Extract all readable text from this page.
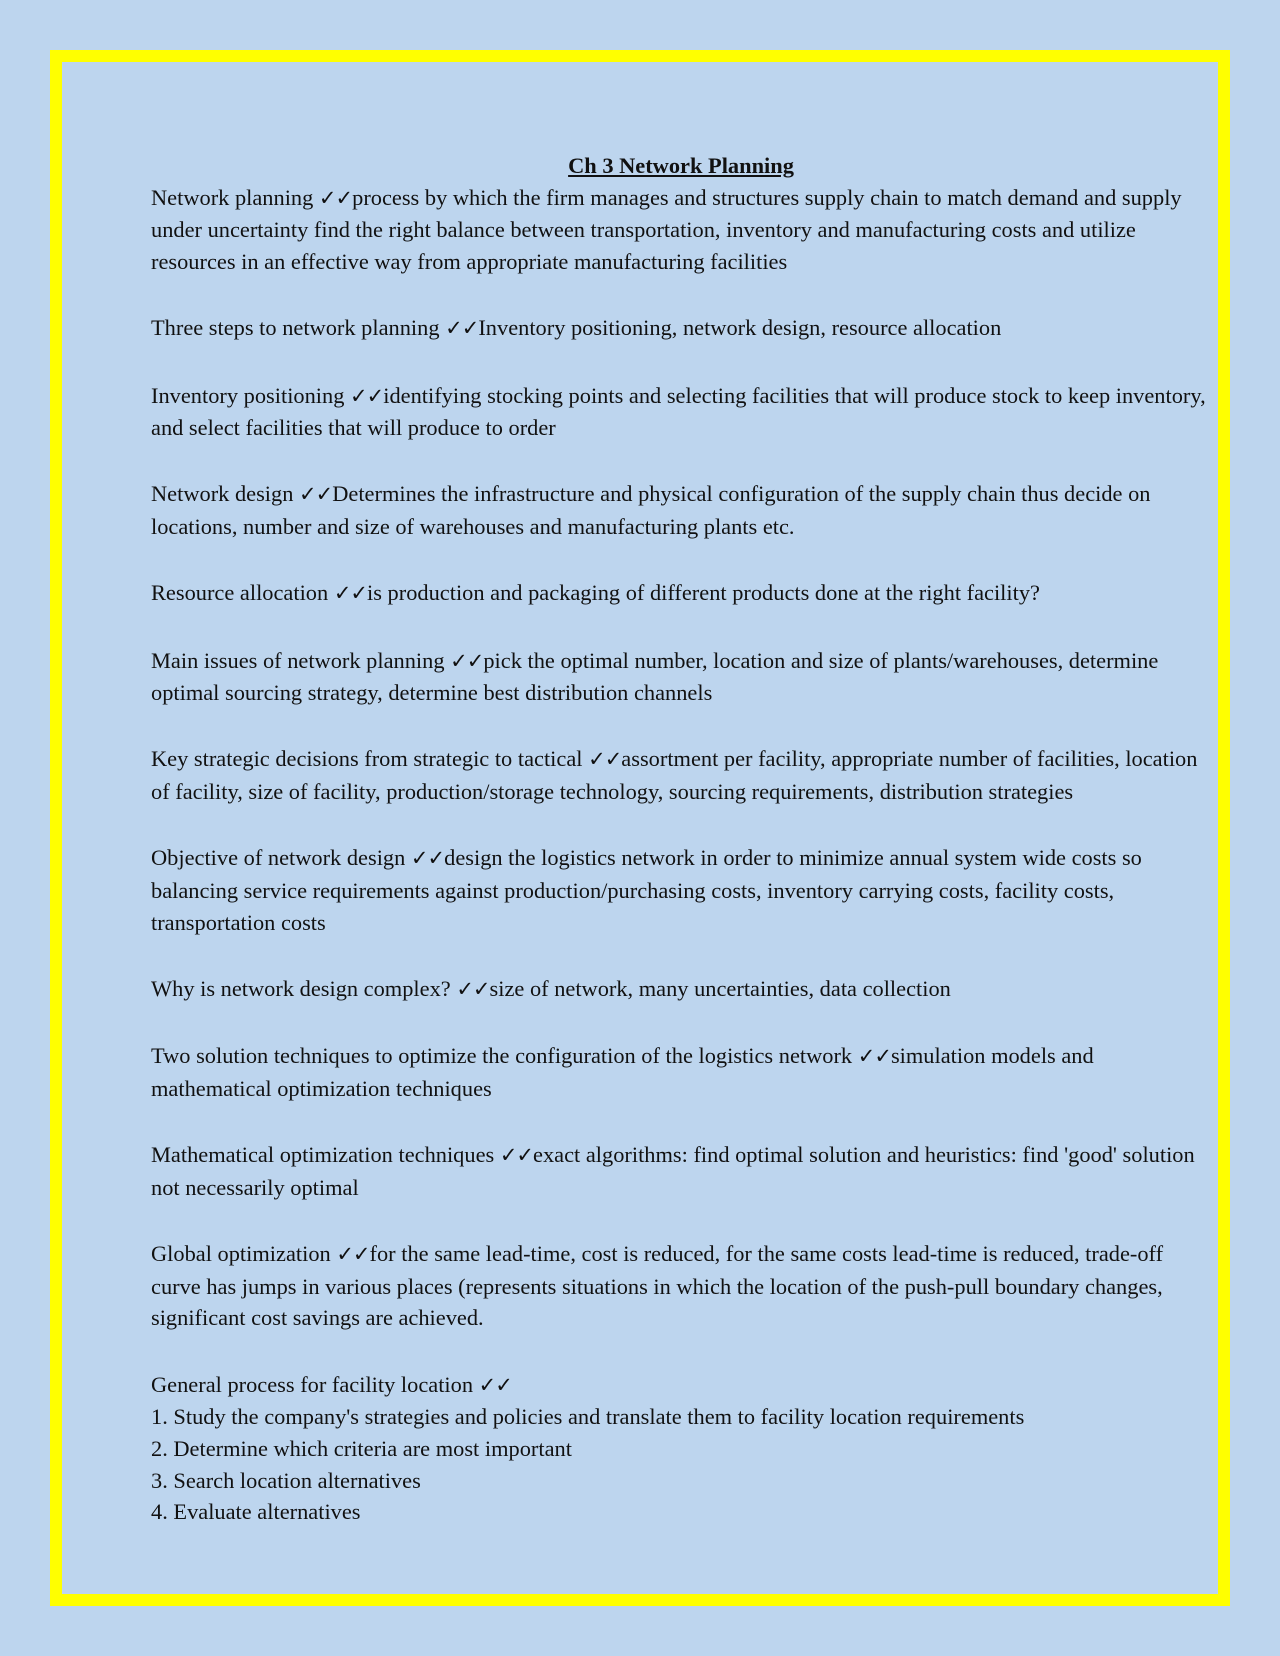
Ch 3 Network Planning

Network planning ✓✓process by which the firm manages and structures supply chain to match demand and supply under uncertainty find the right balance between transportation, inventory and manufacturing costs and utilize resources in an effective way from appropriate manufacturing facilities

Three steps to network planning ✓✓Inventory positioning, network design, resource allocation

Inventory positioning ✓✓identifying stocking points and selecting facilities that will produce stock to keep inventory, and select facilities that will produce to order

Network design ✓✓Determines the infrastructure and physical configuration of the supply chain thus decide on locations, number and size of warehouses and manufacturing plants etc.

Resource allocation ✓✓is production and packaging of different products done at the right facility?

Main issues of network planning ✓✓pick the optimal number, location and size of plants/warehouses, determine optimal sourcing strategy, determine best distribution channels

Key strategic decisions from strategic to tactical ✓✓assortment per facility, appropriate number of facilities, location of facility, size of facility, production/storage technology, sourcing requirements, distribution strategies

Objective of network design ✓✓design the logistics network in order to minimize annual system wide costs so balancing service requirements against production/purchasing costs, inventory carrying costs, facility costs, transportation costs

Why is network design complex? ✓✓size of network, many uncertainties, data collection

Two solution techniques to optimize the configuration of the logistics network ✓✓simulation models and mathematical optimization techniques

Mathematical optimization techniques ✓✓exact algorithms: find optimal solution and heuristics: find 'good' solution not necessarily optimal

Global optimization ✓✓for the same lead-time, cost is reduced, for the same costs lead-time is reduced, trade-off curve has jumps in various places (represents situations in which the location of the push-pull boundary changes, significant cost savings are achieved.

General process for facility location ✓✓
1. Study the company's strategies and policies and translate them to facility location requirements
2. Determine which criteria are most important
3. Search location alternatives
4. Evaluate alternatives
